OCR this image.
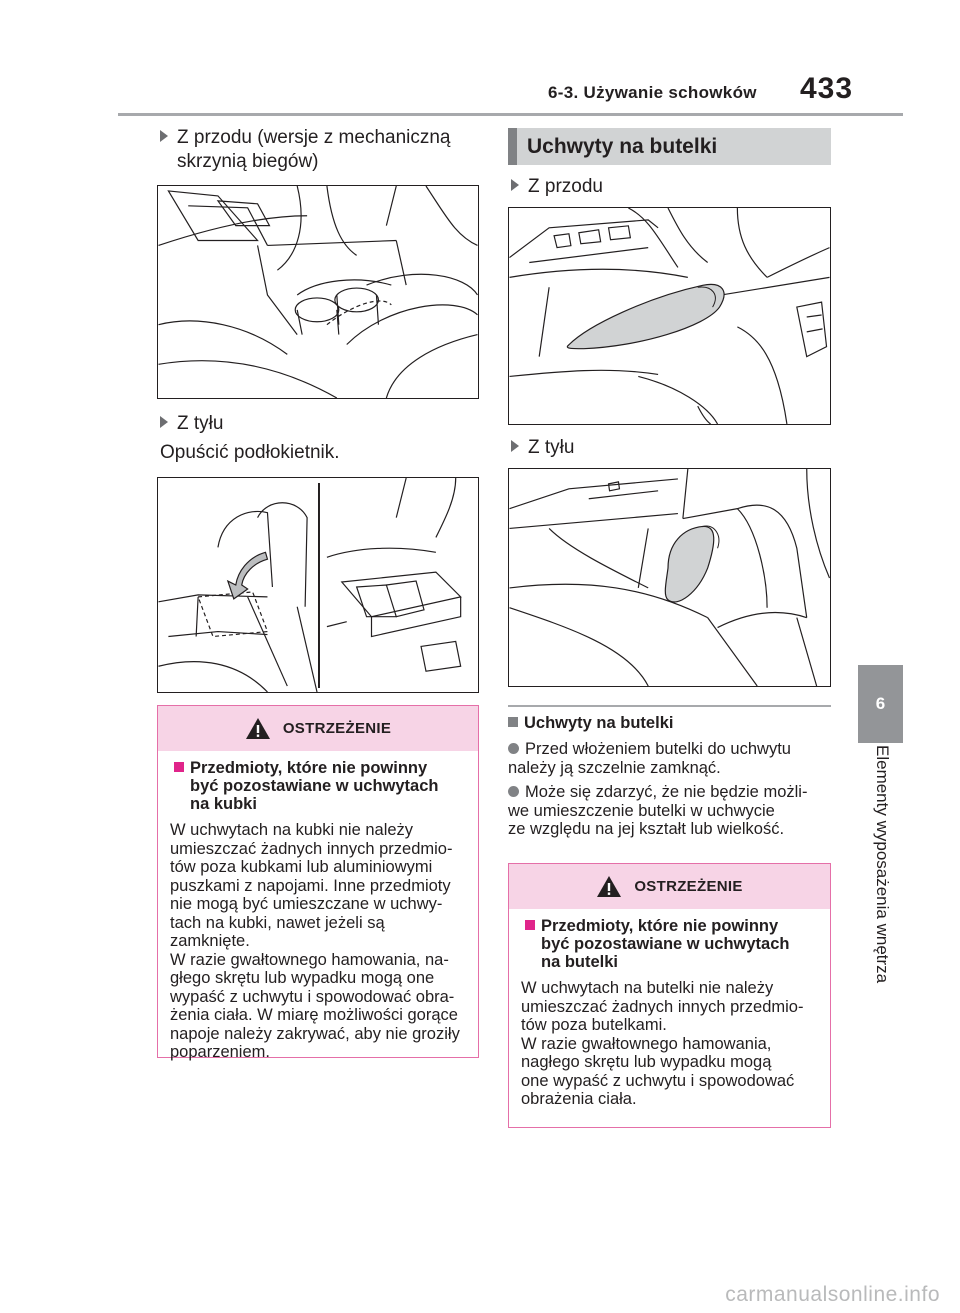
6-3. Używanie schowków 433
6
Elementy wyposażenia wnętrza
Z przodu (wersje z mechaniczną
skrzynią biegów)
Z tyłu
Opuścić podłokietnik.
OSTRZEŻENIE
Przedmioty, które nie powinny
być pozostawiane w uchwytach
na kubki
W uchwytach na kubki nie należy
umieszczać żadnych innych przedmio-
tów poza kubkami lub aluminiowymi
puszkami z napojami. Inne przedmioty
nie mogą być umieszczane w uchwy-
tach na kubki, nawet jeżeli są zamknięte.
W razie gwałtownego hamowania, na-
głego skrętu lub wypadku mogą one
wypaść z uchwytu i spowodować obra-
żenia ciała. W miarę możliwości gorące
napoje należy zakrywać, aby nie groziły
poparzeniem.
Uchwyty na butelki
Z przodu
Z tyłu
Uchwyty na butelki
Przed włożeniem butelki do uchwytu
należy ją szczelnie zamknąć.
Może się zdarzyć, że nie będzie możli-
we umieszczenie butelki w uchwycie
ze względu na jej kształt lub wielkość.
OSTRZEŻENIE
Przedmioty, które nie powinny
być pozostawiane w uchwytach
na butelki
W uchwytach na butelki nie należy
umieszczać żadnych innych przedmio-
tów poza butelkami.
W razie gwałtownego hamowania,
nagłego skrętu lub wypadku mogą
one wypaść z uchwytu i spowodować
obrażenia ciała.
carmanualsonline.info
